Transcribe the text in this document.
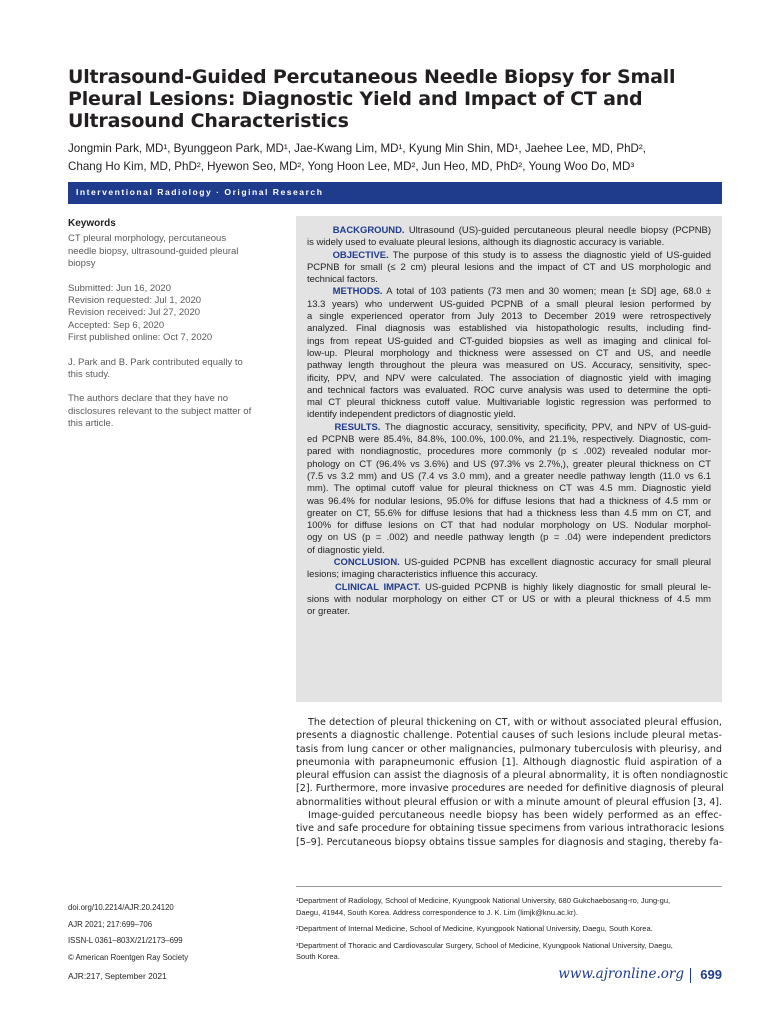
Ultrasound-Guided Percutaneous Needle Biopsy for Small
Pleural Lesions: Diagnostic Yield and Impact of CT and
Ultrasound Characteristics
Jongmin Park, MD¹, Byunggeon Park, MD¹, Jae-Kwang Lim, MD¹, Kyung Min Shin, MD¹, Jaehee Lee, MD, PhD²,
Chang Ho Kim, MD, PhD², Hyewon Seo, MD², Yong Hoon Lee, MD², Jun Heo, MD, PhD², Young Woo Do, MD³
Interventional Radiology · Original Research
Keywords
CT pleural morphology, percutaneous
needle biopsy, ultrasound-guided pleural
biopsy
Submitted: Jun 16, 2020
Revision requested: Jul 1, 2020
Revision received: Jul 27, 2020
Accepted: Sep 6, 2020
First published online: Oct 7, 2020
J. Park and B. Park contributed equally to
this study.
The authors declare that they have no
disclosures relevant to the subject matter of
this article.
BACKGROUND. Ultrasound (US)-guided percutaneous pleural needle biopsy (PCPNB)
is widely used to evaluate pleural lesions, although its diagnostic accuracy is variable.
OBJECTIVE. The purpose of this study is to assess the diagnostic yield of US-guided
PCPNB for small (≤ 2 cm) pleural lesions and the impact of CT and US morphologic and
technical factors.
METHODS. A total of 103 patients (73 men and 30 women; mean [± SD] age, 68.0 ±
13.3 years) who underwent US-guided PCPNB of a small pleural lesion performed by
a single experienced operator from July 2013 to December 2019 were retrospectively
analyzed. Final diagnosis was established via histopathologic results, including find-
ings from repeat US-guided and CT-guided biopsies as well as imaging and clinical fol-
low-up. Pleural morphology and thickness were assessed on CT and US, and needle
pathway length throughout the pleura was measured on US. Accuracy, sensitivity, spec-
ificity, PPV, and NPV were calculated. The association of diagnostic yield with imaging
and technical factors was evaluated. ROC curve analysis was used to determine the opti-
mal CT pleural thickness cutoff value. Multivariable logistic regression was performed to
identify independent predictors of diagnostic yield.
RESULTS. The diagnostic accuracy, sensitivity, specificity, PPV, and NPV of US-guid-
ed PCPNB were 85.4%, 84.8%, 100.0%, 100.0%, and 21.1%, respectively. Diagnostic, com-
pared with nondiagnostic, procedures more commonly (p ≤ .002) revealed nodular mor-
phology on CT (96.4% vs 3.6%) and US (97.3% vs 2.7%,), greater pleural thickness on CT
(7.5 vs 3.2 mm) and US (7.4 vs 3.0 mm), and a greater needle pathway length (11.0 vs 6.1
mm). The optimal cutoff value for pleural thickness on CT was 4.5 mm. Diagnostic yield
was 96.4% for nodular lesions, 95.0% for diffuse lesions that had a thickness of 4.5 mm or
greater on CT, 55.6% for diffuse lesions that had a thickness less than 4.5 mm on CT, and
100% for diffuse lesions on CT that had nodular morphology on US. Nodular morphol-
ogy on US (p = .002) and needle pathway length (p = .04) were independent predictors
of diagnostic yield.
CONCLUSION. US-guided PCPNB has excellent diagnostic accuracy for small pleural
lesions; imaging characteristics influence this accuracy.
CLINICAL IMPACT. US-guided PCPNB is highly likely diagnostic for small pleural le-
sions with nodular morphology on either CT or US or with a pleural thickness of 4.5 mm
or greater.
The detection of pleural thickening on CT, with or without associated pleural effusion,
presents a diagnostic challenge. Potential causes of such lesions include pleural metas-
tasis from lung cancer or other malignancies, pulmonary tuberculosis with pleurisy, and
pneumonia with parapneumonic effusion [1]. Although diagnostic fluid aspiration of a
pleural effusion can assist the diagnosis of a pleural abnormality, it is often nondiagnostic
[2]. Furthermore, more invasive procedures are needed for definitive diagnosis of pleural
abnormalities without pleural effusion or with a minute amount of pleural effusion [3, 4].
Image-guided percutaneous needle biopsy has been widely performed as an effec-
tive and safe procedure for obtaining tissue specimens from various intrathoracic lesions
[5–9]. Percutaneous biopsy obtains tissue samples for diagnosis and staging, thereby fa-
doi.org/10.2214/AJR.20.24120
AJR 2021; 217:699–706
ISSN-L 0361–803X/21/2173–699
© American Roentgen Ray Society
¹Department of Radiology, School of Medicine, Kyungpook National University, 680 Gukchaebosang-ro, Jung-gu,
Daegu, 41944, South Korea. Address correspondence to J. K. Lim (limjk@knu.ac.kr).
²Department of Internal Medicine, School of Medicine, Kyungpook National University, Daegu, South Korea.
³Department of Thoracic and Cardiovascular Surgery, School of Medicine, Kyungpook National University, Daegu,
South Korea.
AJR:217, September 2021	www.ajronline.org 699
